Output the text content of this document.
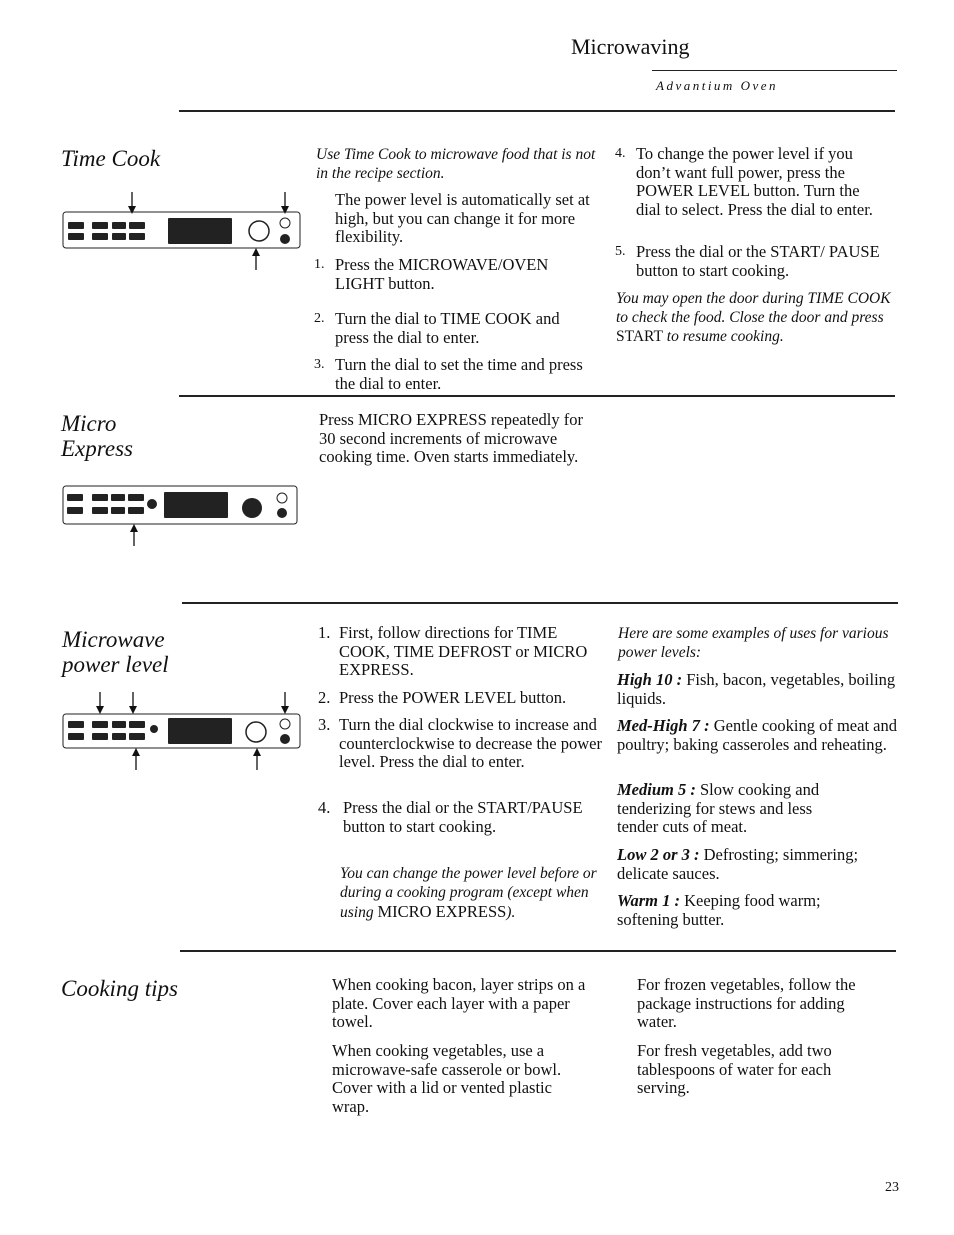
Microwaving
Advantium Oven
Time Cook	Use Time Cook to microwave food that is not in the recipe section.
The power level is automatically set at high, but you can change it for more flexibility.
1. Press the MICROWAVE/OVEN LIGHT button.
2. Turn the dial to TIME COOK and press the dial to enter.
3. Turn the dial to set the time and press the dial to enter.
4. To change the power level if you don’t want full power, press the POWER LEVEL button. Turn the dial to select. Press the dial to enter.
5. Press the dial or the START/ PAUSE button to start cooking.
You may open the door during TIME COOK to check the food. Close the door and press START to resume cooking.
Micro
Express
Press MICRO EXPRESS repeatedly for 30 second increments of microwave cooking time. Oven starts immediately.
Microwave
power level
1. First, follow directions for TIME COOK, TIME DEFROST or MICRO EXPRESS.
2. Press the POWER LEVEL button.
3. Turn the dial clockwise to increase and counterclockwise to decrease the power level. Press the dial to enter.
4. Press the dial or the START/PAUSE button to start cooking.
You can change the power level before or during a cooking program (except when using MICRO EXPRESS).
Here are some examples of uses for various power levels:
High 10 : Fish, bacon, vegetables, boiling liquids.
Med-High 7 : Gentle cooking of meat and poultry; baking casseroles and reheating.
Medium 5 : Slow cooking and tenderizing for stews and less tender cuts of meat.
Low 2 or 3 : Defrosting; simmering; delicate sauces.
Warm 1 : Keeping food warm; softening butter.
Cooking tips	When cooking bacon, layer strips on a plate. Cover each layer with a paper towel.
When cooking vegetables, use a microwave-safe casserole or bowl. Cover with a lid or vented plastic wrap.
For frozen vegetables, follow the package instructions for adding water.
For fresh vegetables, add two tablespoons of water for each serving.
23
